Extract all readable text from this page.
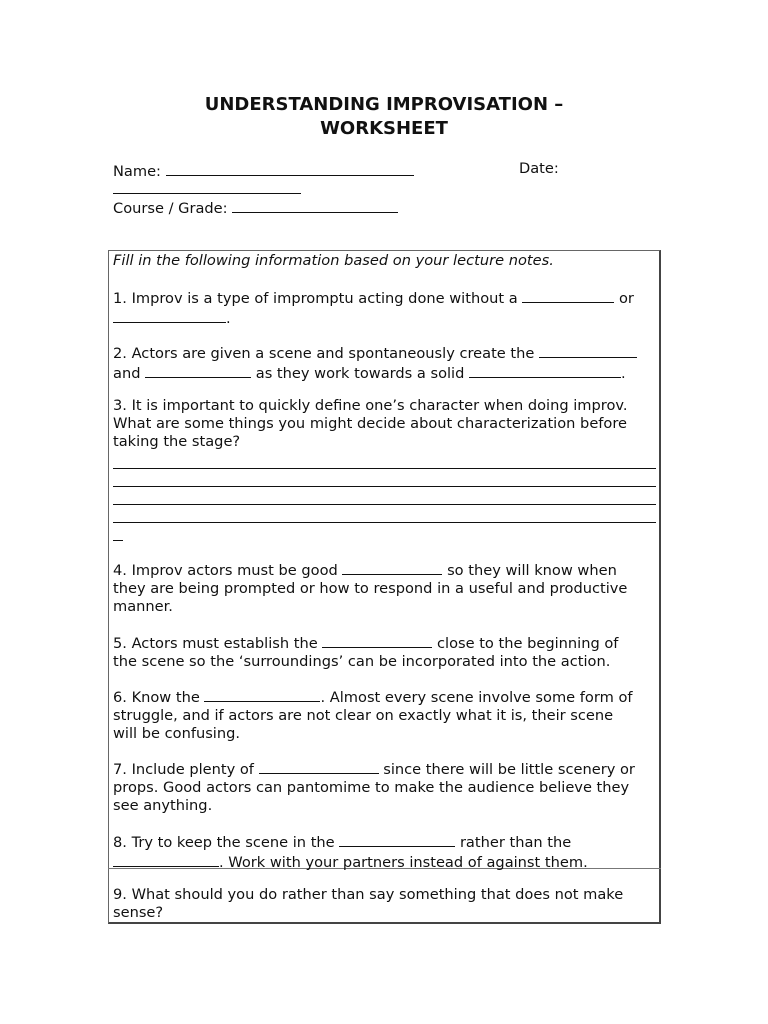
UNDERSTANDING IMPROVISATION –
WORKSHEET
Name:	Date:
Course / Grade:
Fill in the following information based on your lecture notes.
1. Improv is a type of impromptu acting done without a	or
.
2. Actors are given a scene and spontaneously create the
and	as they work towards a solid	.
3. It is important to quickly define one’s character when doing improv.
What are some things you might decide about characterization before
taking the stage?
4. Improv actors must be good	so they will know when
they are being prompted or how to respond in a useful and productive
manner.
5. Actors must establish the	close to the beginning of
the scene so the ‘surroundings’ can be incorporated into the action.
6. Know the	. Almost every scene involve some form of
struggle, and if actors are not clear on exactly what it is, their scene
will be confusing.
7. Include plenty of	since there will be little scenery or
props. Good actors can pantomime to make the audience believe they
see anything.
8. Try to keep the scene in the	rather than the
. Work with your partners instead of against them.
9. What should you do rather than say something that does not make
sense?
